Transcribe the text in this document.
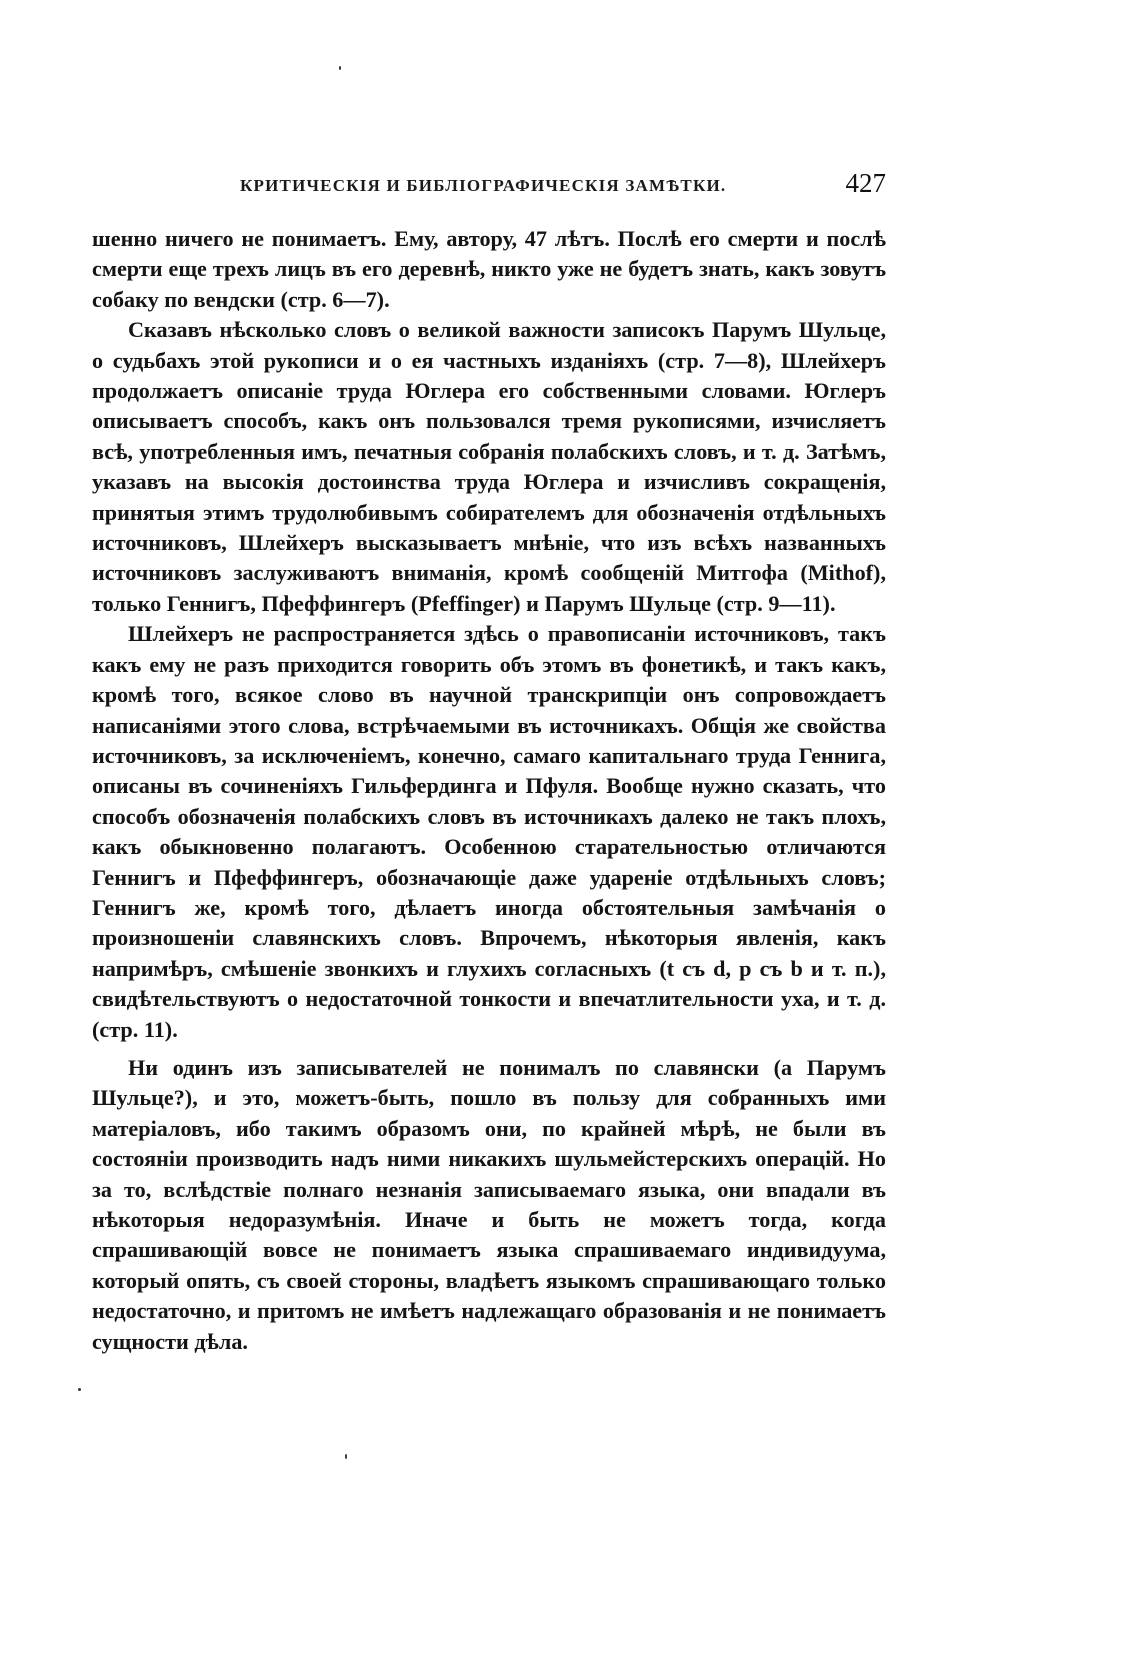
КРИТИЧЕСКІЯ И БИБЛІОГРАФИЧЕСКІЯ ЗАМѢТКИ.	427

шенно ничего не понимаетъ. Ему, автору, 47 лѣтъ. Послѣ его смерти и послѣ смерти еще трехъ лицъ въ его деревнѣ, никто уже не будетъ знать, какъ зовутъ собаку по вендски (стр. 6—7).

Сказавъ нѣсколько словъ о великой важности записокъ Парумъ Шульце, о судьбахъ этой рукописи и о ея частныхъ изданіяхъ (стр. 7—8), Шлейхеръ продолжаетъ описаніе труда Юглера его собственными словами. Юглеръ описываетъ способъ, какъ онъ пользовался тремя рукописями, изчисляетъ всѣ, употребленныя имъ, печатныя собранія полабскихъ словъ, и т. д. Затѣмъ, указавъ на высокія достоинства труда Юглера и изчисливъ сокращенія, принятыя этимъ трудолюбивымъ собирателемъ для обозначенія отдѣльныхъ источниковъ, Шлейхеръ высказываетъ мнѣніе, что изъ всѣхъ названныхъ источниковъ заслуживаютъ вниманія, кромѣ сообщеній Митгофа (Mithof), только Геннигъ, Пфеффингеръ (Pfeffinger) и Парумъ Шульце (стр. 9—11).

Шлейхеръ не распространяется здѣсь о правописаніи источниковъ, такъ какъ ему не разъ приходится говорить объ этомъ въ фонетикѣ, и такъ какъ, кромѣ того, всякое слово въ научной транскрипціи онъ сопровождаетъ написаніями этого слова, встрѣчаемыми въ источникахъ. Общія же свойства источниковъ, за исключеніемъ, конечно, самаго капитальнаго труда Геннига, описаны въ сочиненіяхъ Гильфердинга и Пфуля. Вообще нужно сказать, что способъ обозначенія полабскихъ словъ въ источникахъ далеко не такъ плохъ, какъ обыкновенно полагаютъ. Особенною старательностью отличаются Геннигъ и Пфеффингеръ, обозначающіе даже удареніе отдѣльныхъ словъ; Геннигъ же, кромѣ того, дѣлаетъ иногда обстоятельныя замѣчанія о произношеніи славянскихъ словъ. Впрочемъ, нѣкоторыя явленія, какъ напримѣръ, смѣшеніе звонкихъ и глухихъ согласныхъ (t съ d, p съ b и т. п.), свидѣтельствуютъ о недостаточной тонкости и впечатлительности уха, и т. д. (стр. 11).

Ни одинъ изъ записывателей не понималъ по славянски (а Парумъ Шульце?), и это, можетъ-быть, пошло въ пользу для собранныхъ ими матеріаловъ, ибо такимъ образомъ они, по крайней мѣрѣ, не были въ состояніи производить надъ ними никакихъ шульмейстерскихъ операцій. Но за то, вслѣдствіе полнаго незнанія записываемаго языка, они впадали въ нѣкоторыя недоразумѣнія. Иначе и быть не можетъ тогда, когда спрашивающій вовсе не понимаетъ языка спрашиваемаго индивидуума, который опять, съ своей стороны, владѣетъ языкомъ спрашивающаго только недостаточно, и притомъ не имѣетъ надлежащаго образованія и не понимаетъ сущности дѣла.
